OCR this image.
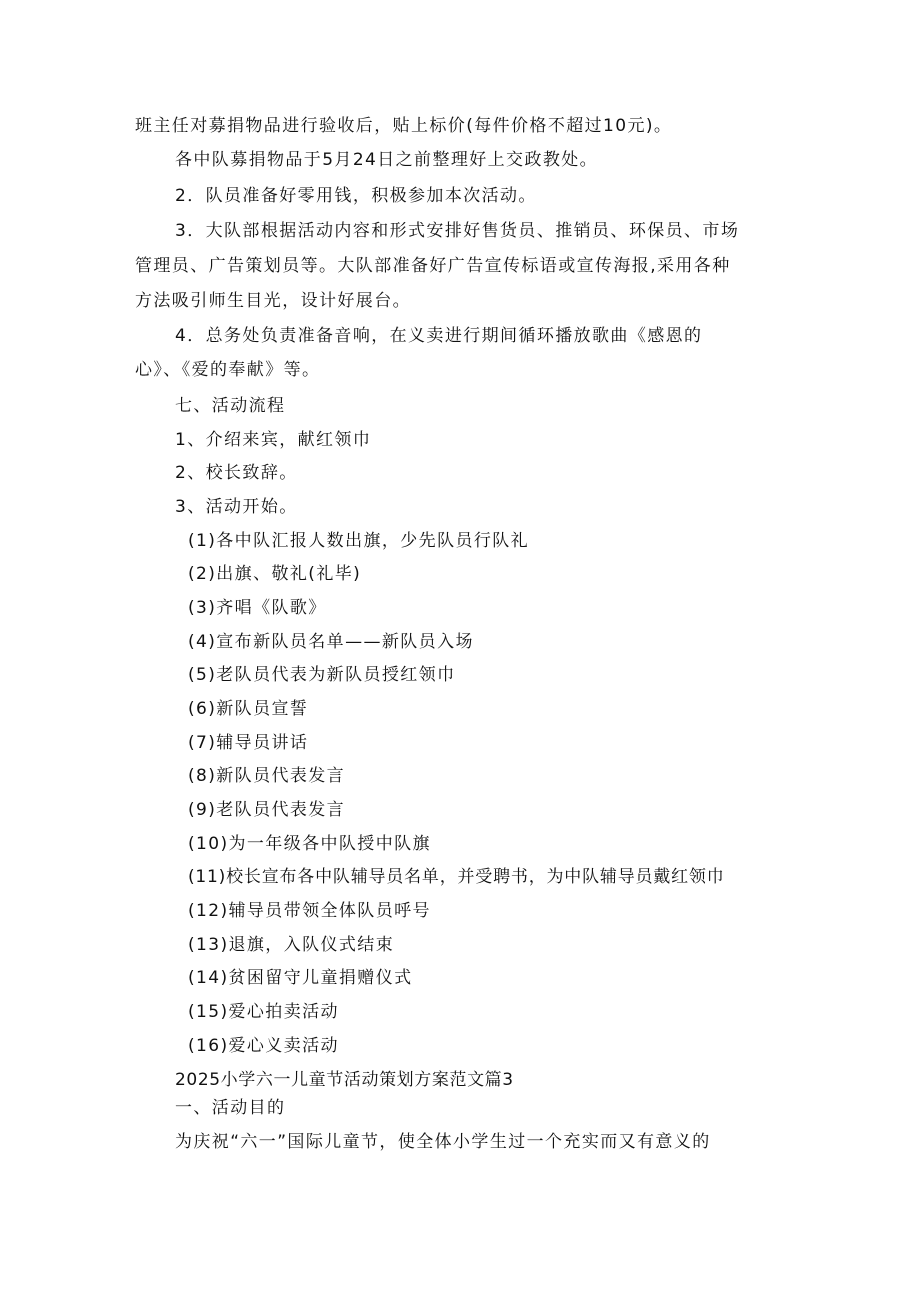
班主任对募捐物品进行验收后，贴上标价(每件价格不超过10元)。
各中队募捐物品于5月24日之前整理好上交政教处。
2．队员准备好零用钱，积极参加本次活动。
3．大队部根据活动内容和形式安排好售货员、推销员、环保员、市场
管理员、广告策划员等。大队部准备好广告宣传标语或宣传海报,采用各种
方法吸引师生目光，设计好展台。
4．总务处负责准备音响，在义卖进行期间循环播放歌曲《感恩的
心》、《爱的奉献》等。
七、活动流程
1、介绍来宾，献红领巾
2、校长致辞。
3、活动开始。
(1)各中队汇报人数出旗，少先队员行队礼
(2)出旗、敬礼(礼毕)
(3)齐唱《队歌》
(4)宣布新队员名单——新队员入场
(5)老队员代表为新队员授红领巾
(6)新队员宣誓
(7)辅导员讲话
(8)新队员代表发言
(9)老队员代表发言
(10)为一年级各中队授中队旗
(11)校长宣布各中队辅导员名单，并受聘书，为中队辅导员戴红领巾
(12)辅导员带领全体队员呼号
(13)退旗，入队仪式结束
(14)贫困留守儿童捐赠仪式
(15)爱心拍卖活动
(16)爱心义卖活动
2025小学六一儿童节活动策划方案范文篇3
一、活动目的
为庆祝“六一”国际儿童节，使全体小学生过一个充实而又有意义的
